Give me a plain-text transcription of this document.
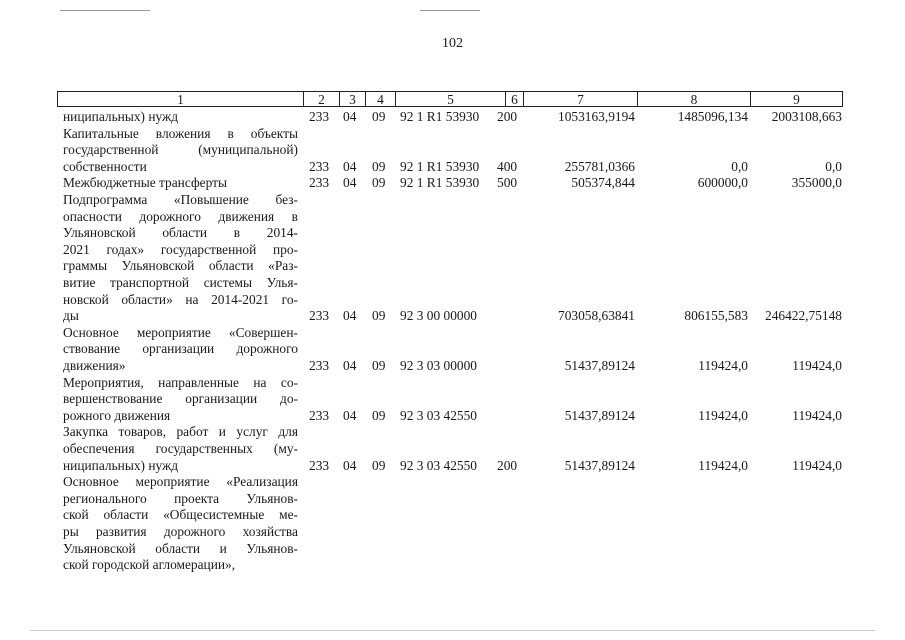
102
1	2	3	4	5	6	7	8	9
ниципальных) нужд	233 04 09 92 1 R1 53930 200	1053163,9194	1485096,134 2003108,663
Капитальные вложения в объекты
государственной (муниципальной)
собственности	233 04 09 92 1 R1 53930 400	255781,0366	0,0	0,0
Межбюджетные трансферты	233 04 09 92 1 R1 53930 500	505374,844	600000,0	355000,0
Подпрограмма «Повышение без-
опасности дорожного движения в
Ульяновской области в 2014-
2021 годах» государственной про-
граммы Ульяновской области «Раз-
витие транспортной системы Улья-
новской области» на 2014-2021 го-
ды	233 04 09 92 3 00 00000	703058,63841	806155,583 246422,75148
Основное мероприятие «Совершен-
ствование организации дорожного
движения»	233 04 09 92 3 03 00000	51437,89124	119424,0	119424,0
Мероприятия, направленные на со-
вершенствование организации до-
рожного движения	233 04 09 92 3 03 42550	51437,89124	119424,0	119424,0
Закупка товаров, работ и услуг для
обеспечения государственных (му-
ниципальных) нужд	233 04 09 92 3 03 42550 200	51437,89124	119424,0	119424,0
Основное мероприятие «Реализация
регионального проекта Ульянов-
ской области «Общесистемные ме-
ры развития дорожного хозяйства
Ульяновской области и Ульянов-
ской городской агломерации»,
